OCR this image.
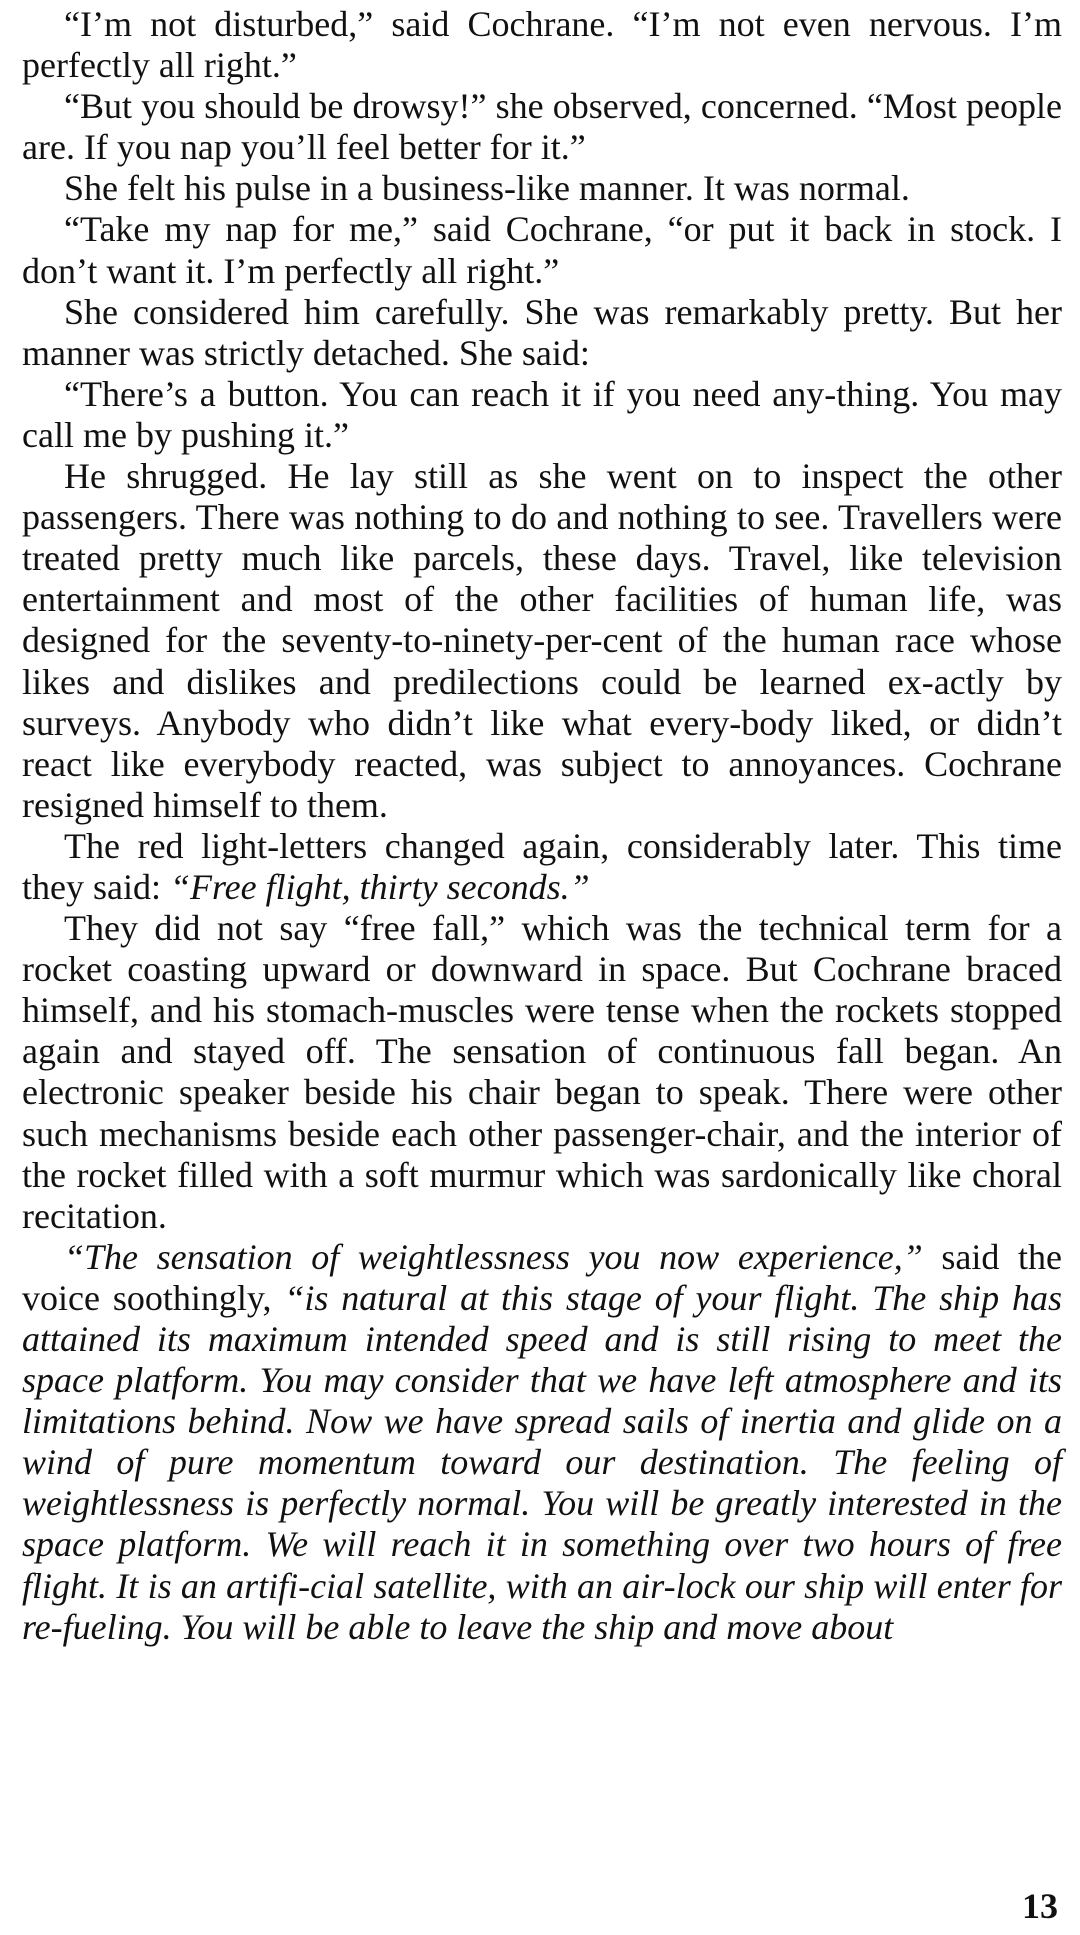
“I’m not disturbed,” said Cochrane. “I’m not even nervous. I’m perfectly all right.”

“But you should be drowsy!” she observed, concerned. “Most people are. If you nap you’ll feel better for it.”

She felt his pulse in a business-like manner. It was normal.

“Take my nap for me,” said Cochrane, “or put it back in stock. I don’t want it. I’m perfectly all right.”

She considered him carefully. She was remarkably pretty. But her manner was strictly detached. She said:

“There’s a button. You can reach it if you need any-thing. You may call me by pushing it.”

He shrugged. He lay still as she went on to inspect the other passengers. There was nothing to do and nothing to see. Travellers were treated pretty much like parcels, these days. Travel, like television entertainment and most of the other facilities of human life, was designed for the seventy-to-ninety-per-cent of the human race whose likes and dislikes and predilections could be learned ex-actly by surveys. Anybody who didn’t like what every-body liked, or didn’t react like everybody reacted, was subject to annoyances. Cochrane resigned himself to them.

The red light-letters changed again, considerably later. This time they said: “Free flight, thirty seconds.”

They did not say “free fall,” which was the technical term for a rocket coasting upward or downward in space. But Cochrane braced himself, and his stomach-muscles were tense when the rockets stopped again and stayed off. The sensation of continuous fall began. An electronic speaker beside his chair began to speak. There were other such mechanisms beside each other passenger-chair, and the interior of the rocket filled with a soft murmur which was sardonically like choral recitation.

“The sensation of weightlessness you now experience,” said the voice soothingly, “is natural at this stage of your flight. The ship has attained its maximum intended speed and is still rising to meet the space platform. You may consider that we have left atmosphere and its limitations behind. Now we have spread sails of inertia and glide on a wind of pure momentum toward our destination. The feeling of weightlessness is perfectly normal. You will be greatly interested in the space platform. We will reach it in something over two hours of free flight. It is an artifi-cial satellite, with an air-lock our ship will enter for re-fueling. You will be able to leave the ship and move about

13
